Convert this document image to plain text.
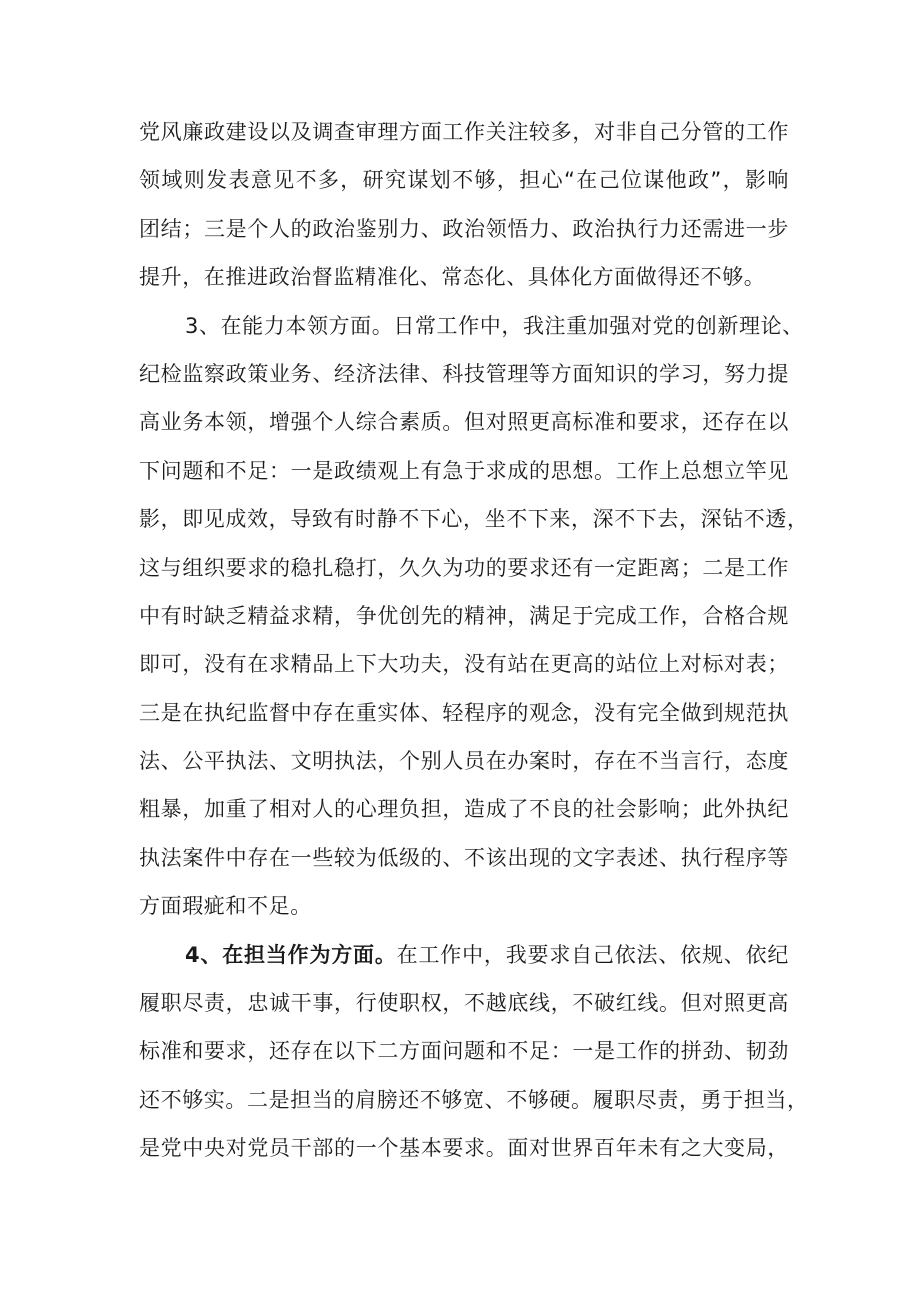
党风廉政建设以及调查审理方面工作关注较多，对非自己分管的工作
领域则发表意见不多，研究谋划不够，担心“在己位谋他政”，影响
团结；三是个人的政治鉴别力、政治领悟力、政治执行力还需进一步
提升，在推进政治督监精准化、常态化、具体化方面做得还不够。
3、在能力本领方面。日常工作中，我注重加强对党的创新理论、
纪检监察政策业务、经济法律、科技管理等方面知识的学习，努力提
高业务本领，增强个人综合素质。但对照更高标准和要求，还存在以
下问题和不足：一是政绩观上有急于求成的思想。工作上总想立竿见
影，即见成效，导致有时静不下心，坐不下来，深不下去，深钻不透，
这与组织要求的稳扎稳打，久久为功的要求还有一定距离；二是工作
中有时缺乏精益求精，争优创先的精神，满足于完成工作，合格合规
即可，没有在求精品上下大功夫，没有站在更高的站位上对标对表；
三是在执纪监督中存在重实体、轻程序的观念，没有完全做到规范执
法、公平执法、文明执法，个别人员在办案时，存在不当言行，态度
粗暴，加重了相对人的心理负担，造成了不良的社会影响；此外执纪
执法案件中存在一些较为低级的、不该出现的文字表述、执行程序等
方面瑕疵和不足。
4、在担当作为方面。在工作中，我要求自己依法、依规、依纪
履职尽责，忠诚干事，行使职权，不越底线，不破红线。但对照更高
标准和要求，还存在以下二方面问题和不足：一是工作的拼劲、韧劲
还不够实。二是担当的肩膀还不够宽、不够硬。履职尽责，勇于担当，
是党中央对党员干部的一个基本要求。面对世界百年未有之大变局，
